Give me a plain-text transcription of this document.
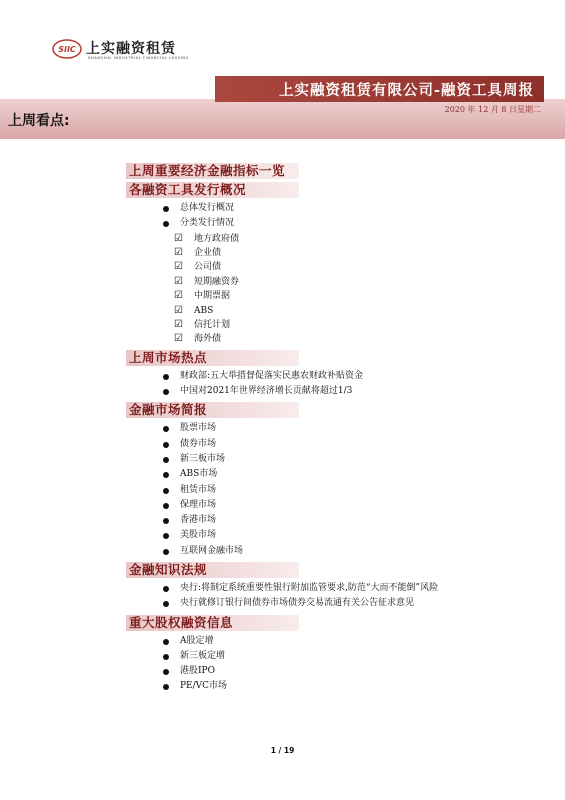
SIIC 上实融资租赁
SHANGHAI INDUSTRIAL FINANCIAL LEASING
上周看点:
上实融资租赁有限公司-融资工具周报
2020 年 12 月 8 日星期二
上周重要经济金融指标一览
各融资工具发行概况
总体发行概况
分类发行情况
☑ 地方政府债
☑ 企业债
☑ 公司债
☑ 短期融资券
☑ 中期票据
☑ ABS
☑ 信托计划
☑ 海外债
上周市场热点
财政部:五大举措督促落实民惠农财政补贴资金
中国对2021年世界经济增长贡献将超过1/3
金融市场简报
股票市场
债券市场
新三板市场
ABS市场
租赁市场
保理市场
香港市场
美股市场
互联网金融市场
金融知识法规
央行:将制定系统重要性银行附加监管要求,防范“大而不能倒”风险
央行就修订银行间债券市场债券交易流通有关公告征求意见
重大股权融资信息
A股定增
新三板定增
港股IPO
PE/VC市场
1 / 19
